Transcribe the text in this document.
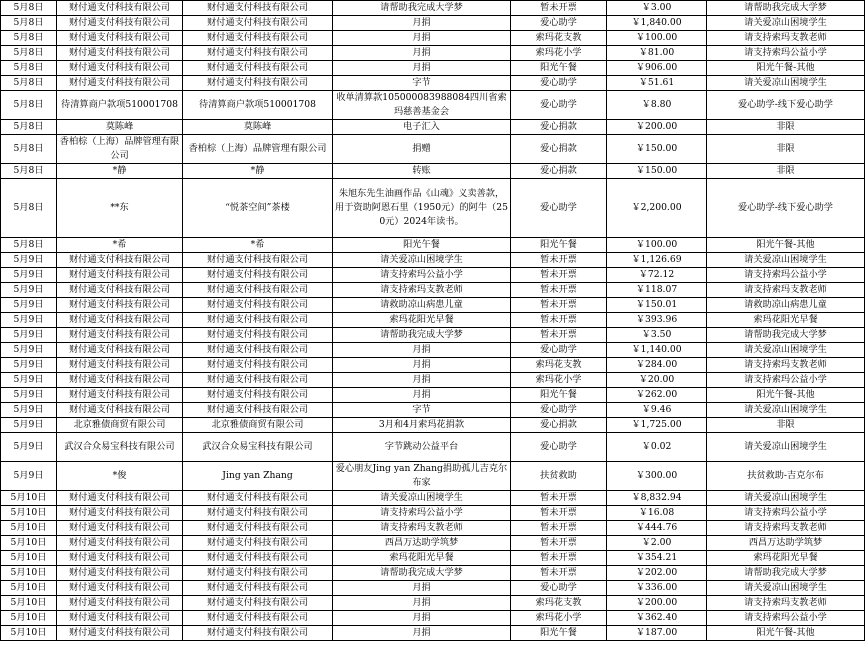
5月8日	财付通支付科技有限公司	财付通支付科技有限公司	请帮助我完成大学梦	暂未开票	￥3.00	请帮助我完成大学梦
5月8日	财付通支付科技有限公司	财付通支付科技有限公司	月捐	爱心助学	￥1,840.00	请关爱凉山困境学生
5月8日	财付通支付科技有限公司	财付通支付科技有限公司	月捐	索玛花支教	￥100.00	请支持索玛支教老师
5月8日	财付通支付科技有限公司	财付通支付科技有限公司	月捐	索玛花小学	￥81.00	请支持索玛公益小学
5月8日	财付通支付科技有限公司	财付通支付科技有限公司	月捐	阳光午餐	￥906.00	阳光午餐-其他
5月8日	财付通支付科技有限公司	财付通支付科技有限公司	字节	爱心助学	￥51.61	请关爱凉山困境学生
5月8日	待清算商户款项510001708	待清算商户款项510001708	收单清算款105000083988084四川省索玛慈善基金会	爱心助学	￥8.80	爱心助学-线下爱心助学
5月8日	莫陈峰	莫陈峰	电子汇入	爱心捐款	￥200.00	非限
5月8日	香柏棕（上海）品牌管理有限公司	香柏棕（上海）品牌管理有限公司	捐赠	爱心捐款	￥150.00	非限
5月8日	*静	*静	转账	爱心捐款	￥150.00	非限
5月8日	**东	“悦茶空间”茶楼	朱旭东先生油画作品《山魂》义卖善款，用于资助阿恩石里（1950元）的阿牛（250元）2024年读书。	爱心助学	￥2,200.00	爱心助学-线下爱心助学
5月8日	*希	*希	阳光午餐	阳光午餐	￥100.00	阳光午餐-其他
5月9日	财付通支付科技有限公司	财付通支付科技有限公司	请关爱凉山困境学生	暂未开票	￥1,126.69	请关爱凉山困境学生
5月9日	财付通支付科技有限公司	财付通支付科技有限公司	请支持索玛公益小学	暂未开票	￥72.12	请支持索玛公益小学
5月9日	财付通支付科技有限公司	财付通支付科技有限公司	请支持索玛支教老师	暂未开票	￥118.07	请支持索玛支教老师
5月9日	财付通支付科技有限公司	财付通支付科技有限公司	请救助凉山病患儿童	暂未开票	￥150.01	请救助凉山病患儿童
5月9日	财付通支付科技有限公司	财付通支付科技有限公司	索玛花阳光早餐	暂未开票	￥393.96	索玛花阳光早餐
5月9日	财付通支付科技有限公司	财付通支付科技有限公司	请帮助我完成大学梦	暂未开票	￥3.50	请帮助我完成大学梦
5月9日	财付通支付科技有限公司	财付通支付科技有限公司	月捐	爱心助学	￥1,140.00	请关爱凉山困境学生
5月9日	财付通支付科技有限公司	财付通支付科技有限公司	月捐	索玛花支教	￥284.00	请支持索玛支教老师
5月9日	财付通支付科技有限公司	财付通支付科技有限公司	月捐	索玛花小学	￥20.00	请支持索玛公益小学
5月9日	财付通支付科技有限公司	财付通支付科技有限公司	月捐	阳光午餐	￥262.00	阳光午餐-其他
5月9日	财付通支付科技有限公司	财付通支付科技有限公司	字节	爱心助学	￥9.46	请关爱凉山困境学生
5月9日	北京雅债商贸有限公司	北京雅债商贸有限公司	3月和4月索玛花捐款	爱心捐款	￥1,725.00	非限
5月9日	武汉合众易宝科技有限公司	武汉合众易宝科技有限公司	字节跳动公益平台	爱心助学	￥0.02	请关爱凉山困境学生
5月9日	*俊	Jing yan Zhang	爱心朋友Jing yan Zhang捐助孤儿吉克尔布家	扶贫救助	￥300.00	扶贫救助-吉克尔布
5月10日	财付通支付科技有限公司	财付通支付科技有限公司	请关爱凉山困境学生	暂未开票	￥8,832.94	请关爱凉山困境学生
5月10日	财付通支付科技有限公司	财付通支付科技有限公司	请支持索玛公益小学	暂未开票	￥16.08	请支持索玛公益小学
5月10日	财付通支付科技有限公司	财付通支付科技有限公司	请支持索玛支教老师	暂未开票	￥444.76	请支持索玛支教老师
5月10日	财付通支付科技有限公司	财付通支付科技有限公司	西昌万达助学筑梦	暂未开票	￥2.00	西昌万达助学筑梦
5月10日	财付通支付科技有限公司	财付通支付科技有限公司	索玛花阳光早餐	暂未开票	￥354.21	索玛花阳光早餐
5月10日	财付通支付科技有限公司	财付通支付科技有限公司	请帮助我完成大学梦	暂未开票	￥202.00	请帮助我完成大学梦
5月10日	财付通支付科技有限公司	财付通支付科技有限公司	月捐	爱心助学	￥336.00	请关爱凉山困境学生
5月10日	财付通支付科技有限公司	财付通支付科技有限公司	月捐	索玛花支教	￥200.00	请支持索玛支教老师
5月10日	财付通支付科技有限公司	财付通支付科技有限公司	月捐	索玛花小学	￥362.40	请支持索玛公益小学
5月10日	财付通支付科技有限公司	财付通支付科技有限公司	月捐	阳光午餐	￥187.00	阳光午餐-其他
